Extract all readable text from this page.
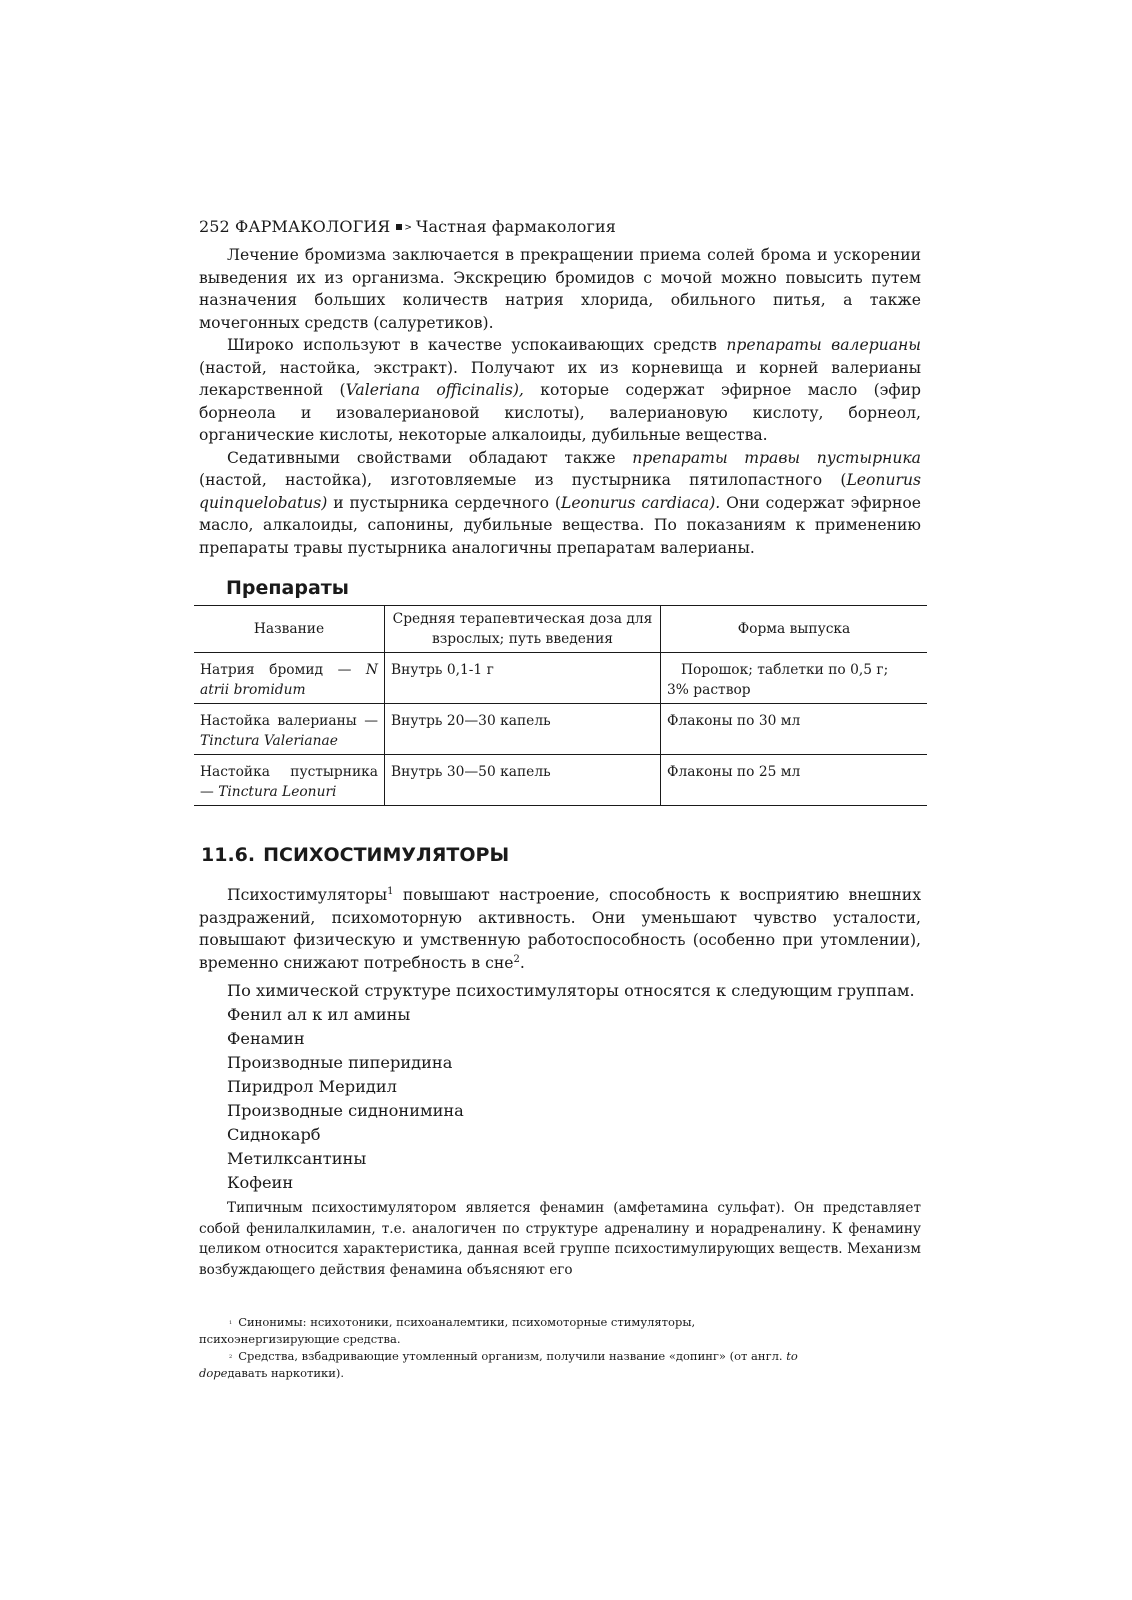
252 ФАРМАКОЛОГИЯ > Частная фармакология

Лечение бромизма заключается в прекращении приема солей брома и ускорении выведения их из организма. Экскрецию бромидов с мочой можно повысить путем назначения больших количеств натрия хлорида, обильного питья, а также мочегонных средств (салуретиков).

Широко используют в качестве успокаивающих средств препараты валерианы (настой, настойка, экстракт). Получают их из корневища и корней валерианы лекарственной (Valeriana officinalis), которые содержат эфирное масло (эфир борнеола и изовалериановой кислоты), валериановую кислоту, борнеол, органические кислоты, некоторые алкалоиды, дубильные вещества.

Седативными свойствами обладают также препараты травы пустырника (настой, настойка), изготовляемые из пустырника пятилопастного (Leonurus quinquelobatus) и пустырника сердечного (Leonurus cardiaca). Они содержат эфирное масло, алкалоиды, сапонины, дубильные вещества. По показаниям к применению препараты травы пустырника аналогичны препаратам валерианы.

Препараты
Название	Средняя терапевтическая доза для взрослых; путь введения	Форма выпуска
Натрия бромид — N atrii bromidum	Внутрь 0,1-1 г	Порошок; таблетки по 0,5 г;
3% раствор
Настойка валерианы — Tinctura Valerianae	Внутрь 20—30 капель	Флаконы по 30 мл
Настойка пустырника — Tinctura Leonuri	Внутрь 30—50 капель	Флаконы по 25 мл
11.6. ПСИХОСТИМУЛЯТОРЫ

Психостимуляторы$^1$ повышают настроение, способность к восприятию внешних раздражений, психомоторную активность. Они уменьшают чувство усталости, повышают физическую и умственную работоспособность (особенно при утомлении), временно снижают потребность в сне$^2$.

По химической структуре психостимуляторы относятся к следующим группам.
Фенил ал к ил амины
Фенамин
Производные пиперидина
Пиридрол Меридил
Производные сиднонимина
Сиднокарб
Метилксантины
Кофеин

Типичным психостимулятором является фенамин (амфетамина сульфат). Он представляет собой фенилалкиламин, т.е. аналогичен по структуре адреналину и норадреналину. К фенамину целиком относится характеристика, данная всей группе психостимулирующих веществ. Механизм возбуждающего действия фенамина объясняют его

1 Синонимы: нсихотоники, психоаналемтики, психомоторные стимуляторы, психоэнергизирующие средства.
2 Средства, взбадривающие утомленный организм, получили название «допинг» (от англ. to dopeдавать наркотики).
